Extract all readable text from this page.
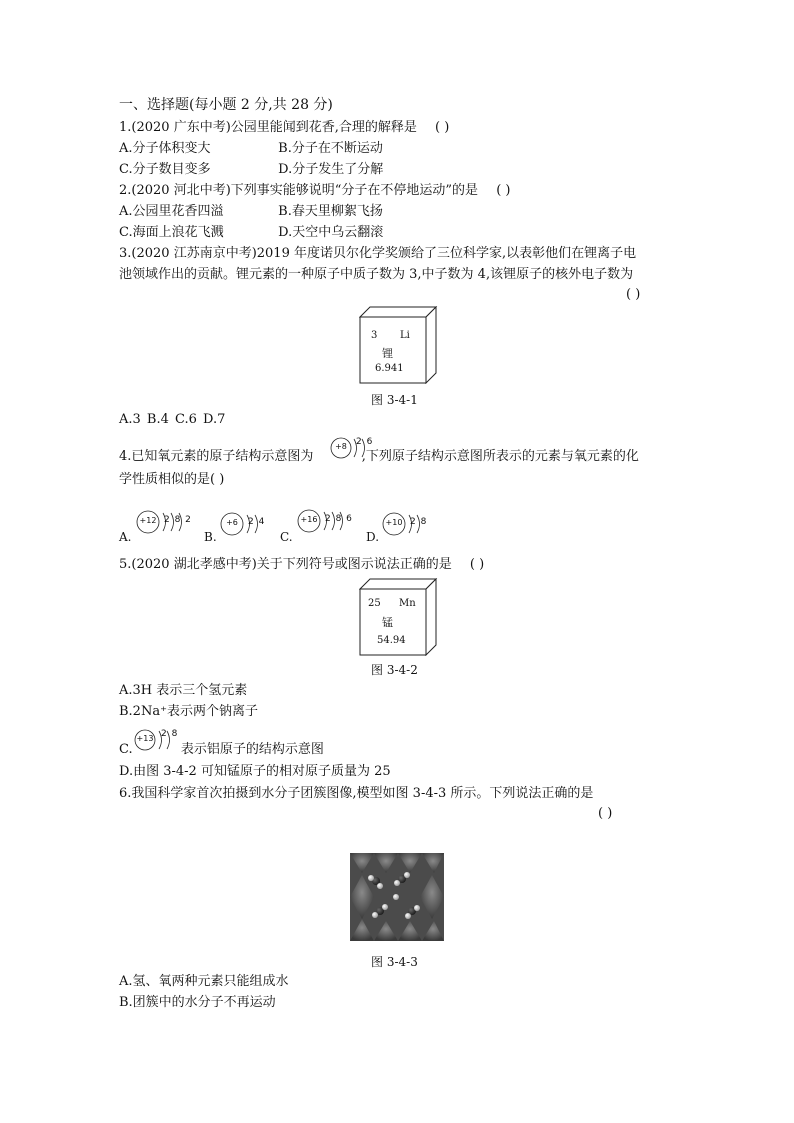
一、选择题(每小题 2 分,共 28 分)
1.(2020 广东中考)公园里能闻到花香,合理的解释是 ( )
A.分子体积变大	B.分子在不断运动
C.分子数目变多	D.分子发生了分解
2.(2020 河北中考)下列事实能够说明“分子在不停地运动”的是 ( )
A.公园里花香四溢	B.春天里柳絮飞扬
C.海面上浪花飞溅	D.天空中乌云翻滚
3.(2020 江苏南京中考)2019 年度诺贝尔化学奖颁给了三位科学家,以表彰他们在锂离子电
池领域作出的贡献。锂元素的一种原子中质子数为 3,中子数为 4,该锂原子的核外电子数为
( )
3 Li
锂
6.941
图 3-4-1
A.3 B.4 C.6 D.7
4.已知氧元素的原子结构示意图为	,下列原子结构示意图所表示的元素与氧元素的化
+8	2 6
学性质相似的是( )
A.
+12 2 8 2
B.
+6	2 4
C.
+16 2 8 6
D.
+10 2 8
5.(2020 湖北孝感中考)关于下列符号或图示说法正确的是 ( )
25 Mn
锰
54.94
图 3-4-2
A.3H 表示三个氢元素
B.2Na⁺表示两个钠离子
C.	表示铝原子的结构示意图
+13 2 8
D.由图 3-4-2 可知锰原子的相对原子质量为 25
6.我国科学家首次拍摄到水分子团簇图像,模型如图 3-4-3 所示。下列说法正确的是
( )
图 3-4-3
A.氢、氧两种元素只能组成水
B.团簇中的水分子不再运动
